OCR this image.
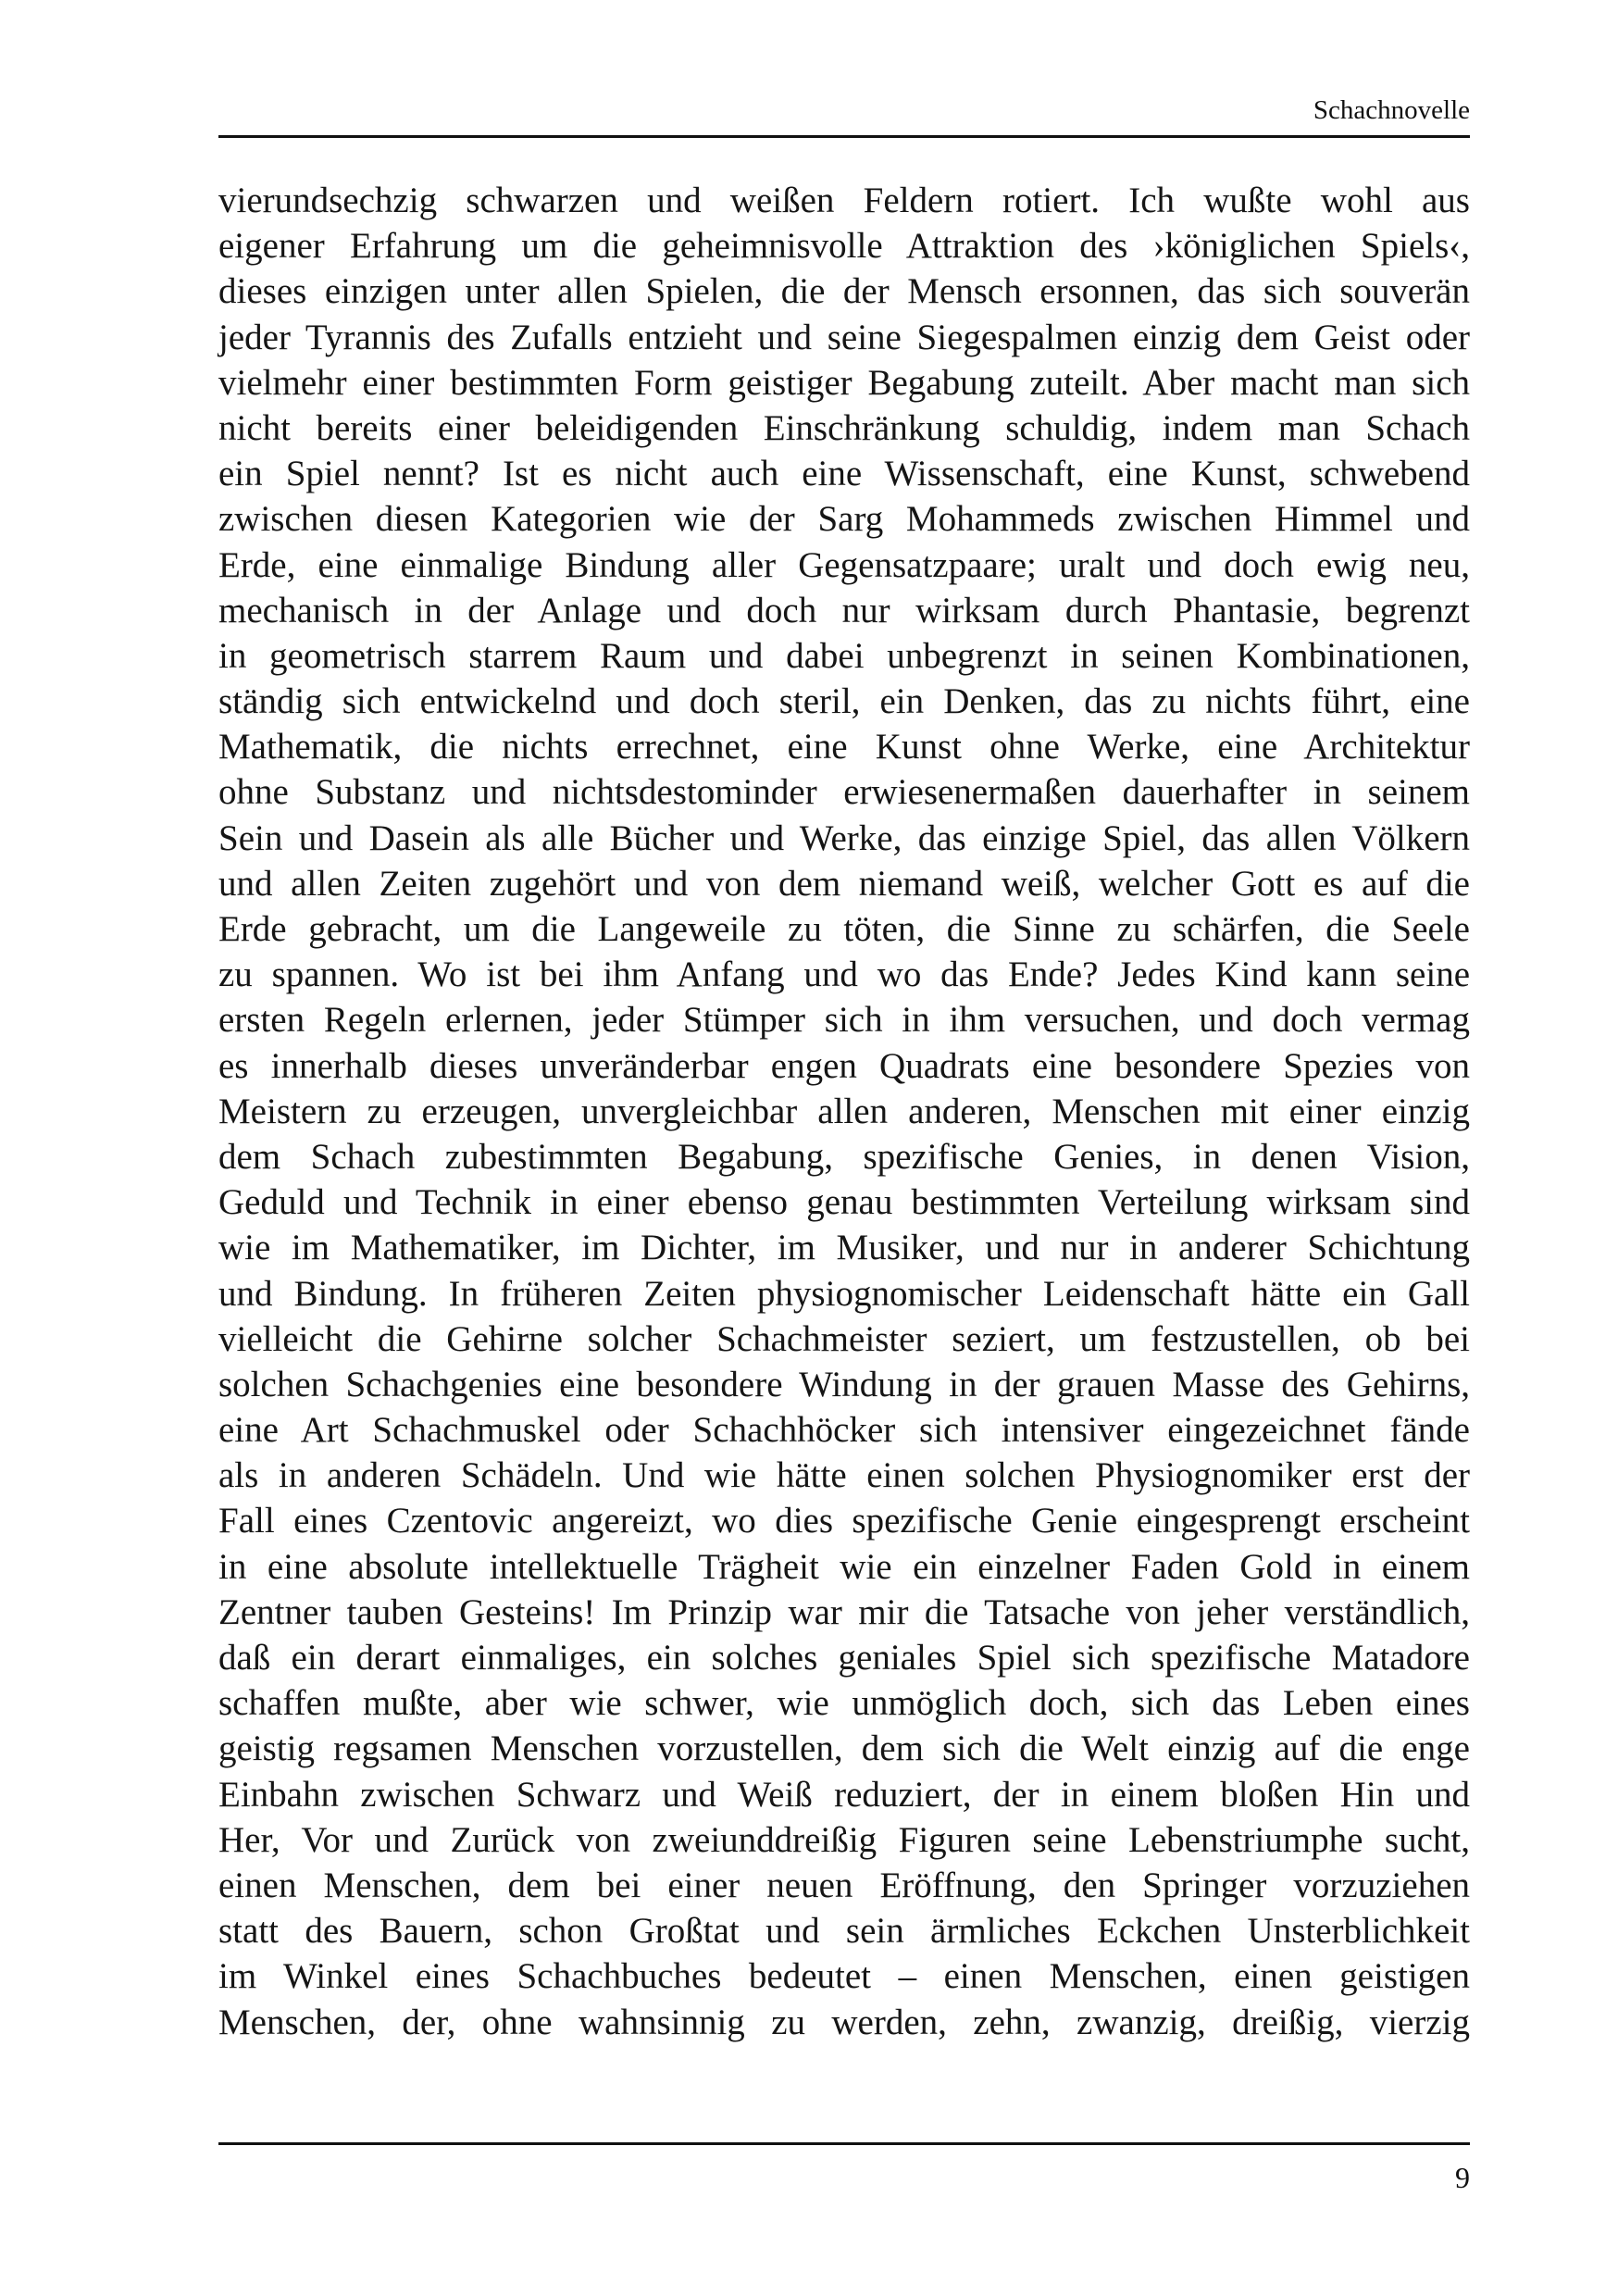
Schachnovelle
vierundsechzig schwarzen und weißen Feldern rotiert. Ich wußte wohl aus
eigener Erfahrung um die geheimnisvolle Attraktion des ›königlichen Spiels‹,
dieses einzigen unter allen Spielen, die der Mensch ersonnen, das sich souverän
jeder Tyrannis des Zufalls entzieht und seine Siegespalmen einzig dem Geist oder
vielmehr einer bestimmten Form geistiger Begabung zuteilt. Aber macht man sich
nicht bereits einer beleidigenden Einschränkung schuldig, indem man Schach
ein Spiel nennt? Ist es nicht auch eine Wissenschaft, eine Kunst, schwebend
zwischen diesen Kategorien wie der Sarg Mohammeds zwischen Himmel und
Erde, eine einmalige Bindung aller Gegensatzpaare; uralt und doch ewig neu,
mechanisch in der Anlage und doch nur wirksam durch Phantasie, begrenzt
in geometrisch starrem Raum und dabei unbegrenzt in seinen Kombinationen,
ständig sich entwickelnd und doch steril, ein Denken, das zu nichts führt, eine
Mathematik, die nichts errechnet, eine Kunst ohne Werke, eine Architektur
ohne Substanz und nichtsdestominder erwiesenermaßen dauerhafter in seinem
Sein und Dasein als alle Bücher und Werke, das einzige Spiel, das allen Völkern
und allen Zeiten zugehört und von dem niemand weiß, welcher Gott es auf die
Erde gebracht, um die Langeweile zu töten, die Sinne zu schärfen, die Seele
zu spannen. Wo ist bei ihm Anfang und wo das Ende? Jedes Kind kann seine
ersten Regeln erlernen, jeder Stümper sich in ihm versuchen, und doch vermag
es innerhalb dieses unveränderbar engen Quadrats eine besondere Spezies von
Meistern zu erzeugen, unvergleichbar allen anderen, Menschen mit einer einzig
dem Schach zubestimmten Begabung, spezifische Genies, in denen Vision,
Geduld und Technik in einer ebenso genau bestimmten Verteilung wirksam sind
wie im Mathematiker, im Dichter, im Musiker, und nur in anderer Schichtung
und Bindung. In früheren Zeiten physiognomischer Leidenschaft hätte ein Gall
vielleicht die Gehirne solcher Schachmeister seziert, um festzustellen, ob bei
solchen Schachgenies eine besondere Windung in der grauen Masse des Gehirns,
eine Art Schachmuskel oder Schachhöcker sich intensiver eingezeichnet fände
als in anderen Schädeln. Und wie hätte einen solchen Physiognomiker erst der
Fall eines Czentovic angereizt, wo dies spezifische Genie eingesprengt erscheint
in eine absolute intellektuelle Trägheit wie ein einzelner Faden Gold in einem
Zentner tauben Gesteins! Im Prinzip war mir die Tatsache von jeher verständlich,
daß ein derart einmaliges, ein solches geniales Spiel sich spezifische Matadore
schaffen mußte, aber wie schwer, wie unmöglich doch, sich das Leben eines
geistig regsamen Menschen vorzustellen, dem sich die Welt einzig auf die enge
Einbahn zwischen Schwarz und Weiß reduziert, der in einem bloßen Hin und
Her, Vor und Zurück von zweiunddreißig Figuren seine Lebenstriumphe sucht,
einen Menschen, dem bei einer neuen Eröffnung, den Springer vorzuziehen
statt des Bauern, schon Großtat und sein ärmliches Eckchen Unsterblichkeit
im Winkel eines Schachbuches bedeutet – einen Menschen, einen geistigen
Menschen, der, ohne wahnsinnig zu werden, zehn, zwanzig, dreißig, vierzig
9
